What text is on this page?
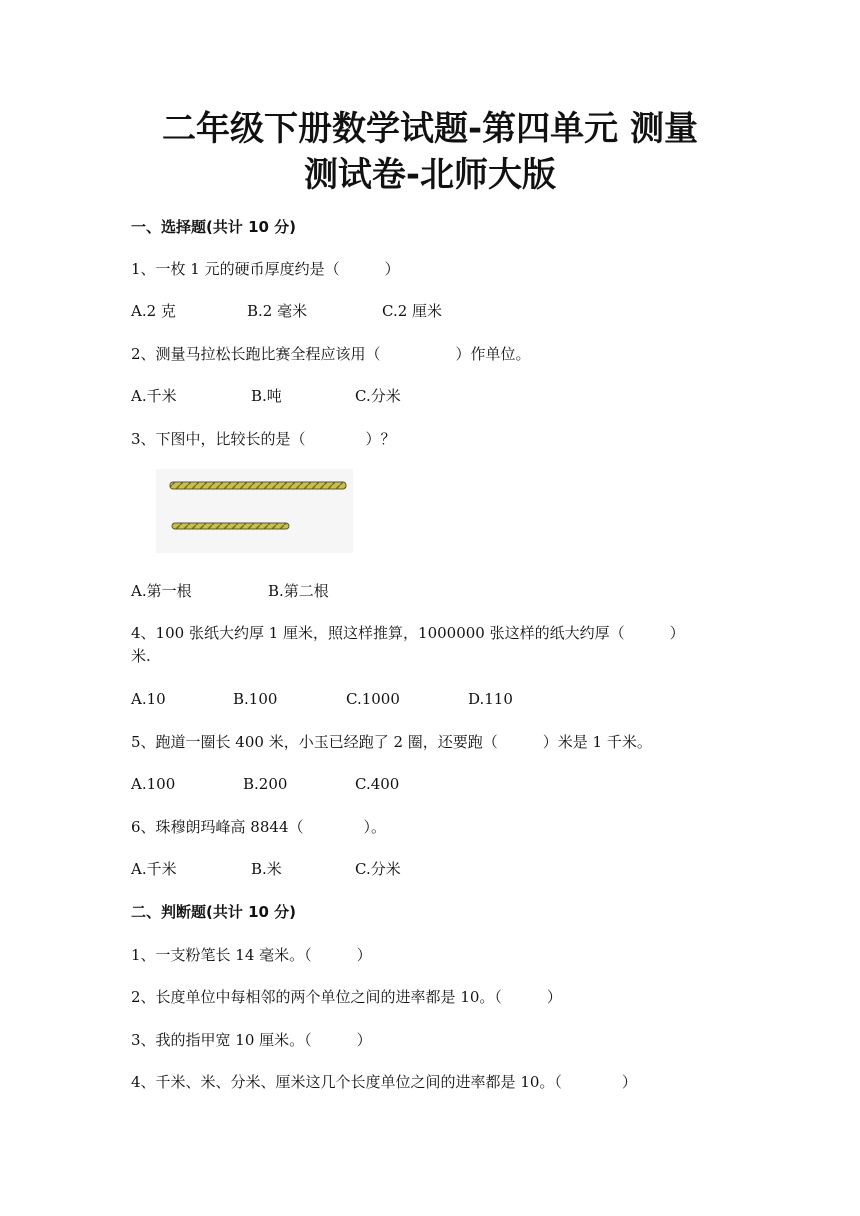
二年级下册数学试题-第四单元 测量
测试卷-北师大版
一、选择题(共计 10 分)
1、一枚 1 元的硬币厚度约是（　　　）
A.2 克	B.2 毫米	C.2 厘米
2、测量马拉松长跑比赛全程应该用（　　　　　）作单位。
A.千米	B.吨	C.分米
3、下图中，比较长的是（　　　　）？
A.第一根	B.第二根
4、100 张纸大约厚 1 厘米，照这样推算，1000000 张这样的纸大约厚（　　　）
米.
A.10	B.100	C.1000	D.110
5、跑道一圈长 400 米，小玉已经跑了 2 圈，还要跑（　　　）米是 1 千米。
A.100	B.200	C.400
6、珠穆朗玛峰高 8844（　　　　）。
A.千米	B.米	C.分米
二、判断题(共计 10 分)
1、一支粉笔长 14 毫米。（　　　）
2、长度单位中每相邻的两个单位之间的进率都是 10。（　　　）
3、我的指甲宽 10 厘米。（　　　）
4、千米、米、分米、厘米这几个长度单位之间的进率都是 10。（　　　　）
